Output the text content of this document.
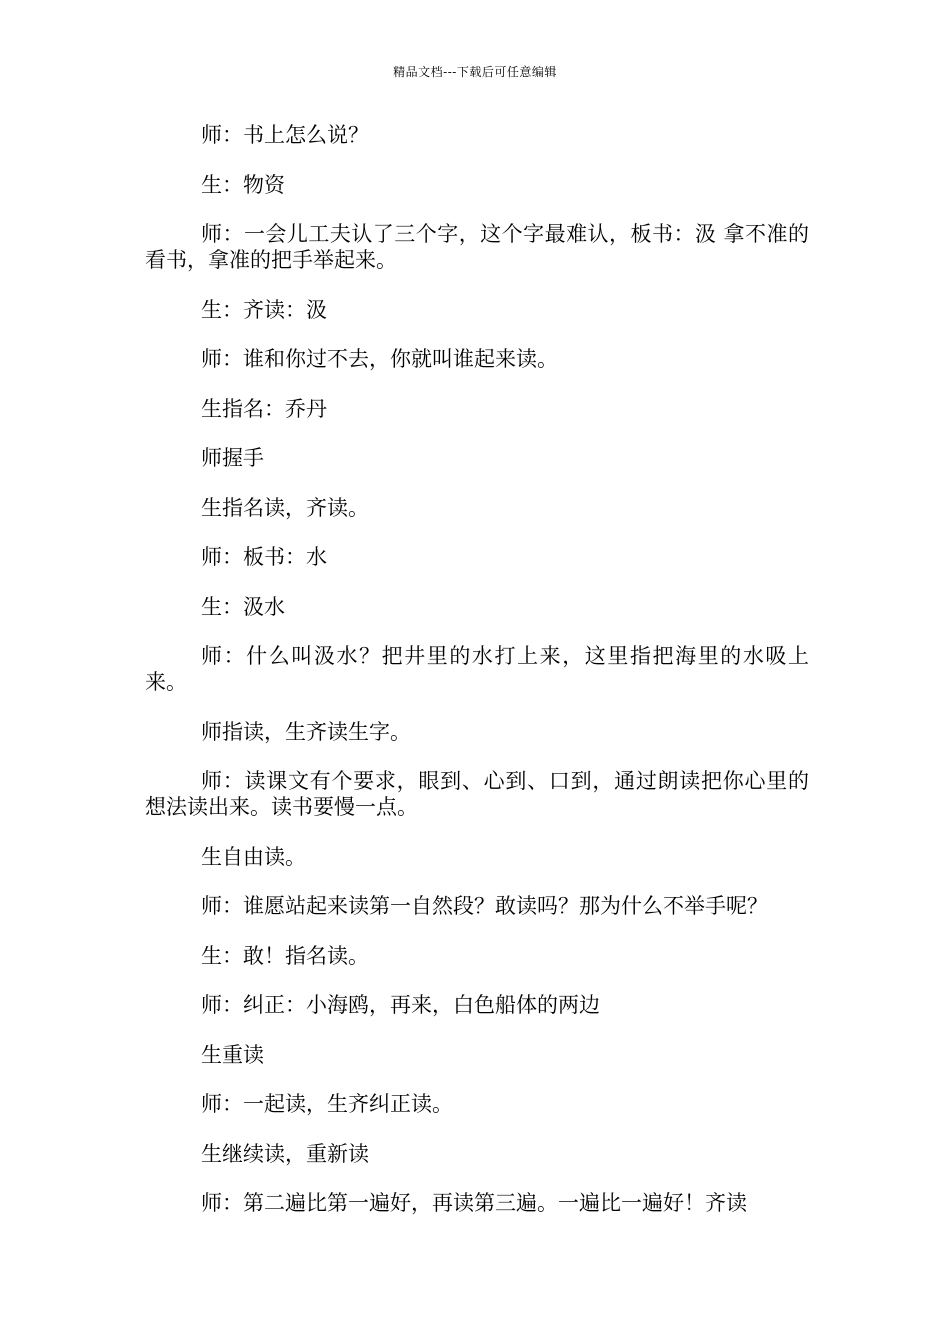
精品文档---下载后可任意编辑

师：书上怎么说？

生：物资

师：一会儿工夫认了三个字，这个字最难认，板书：汲 拿不准的看书，拿准的把手举起来。

生：齐读：汲

师：谁和你过不去，你就叫谁起来读。

生指名：乔丹

师握手

生指名读，齐读。

师：板书：水

生：汲水

师：什么叫汲水？把井里的水打上来，这里指把海里的水吸上来。

师指读，生齐读生字。

师：读课文有个要求，眼到、心到、口到，通过朗读把你心里的想法读出来。读书要慢一点。

生自由读。

师：谁愿站起来读第一自然段？敢读吗？那为什么不举手呢？

生：敢！指名读。

师：纠正：小海鸥，再来，白色船体的两边

生重读

师：一起读，生齐纠正读。

生继续读，重新读

师：第二遍比第一遍好，再读第三遍。一遍比一遍好！齐读
